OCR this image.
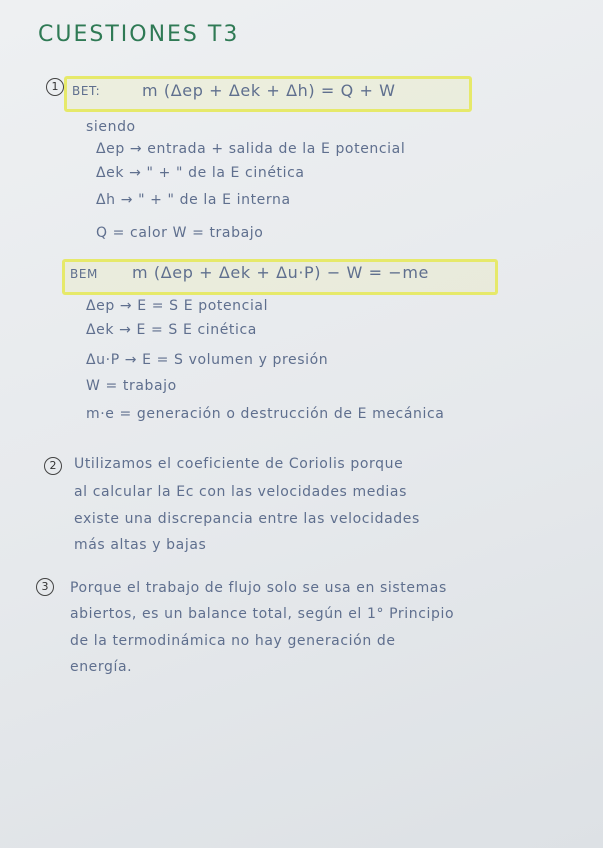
CUESTIONES T3
1	BET:	m (Δep + Δek + Δh) = Q + W
siendo
Δep → entrada + salida de la E potencial
Δek → " + " de la E cinética
Δh → " + " de la E interna
Q = calor W = trabajo
BEM m (Δep + Δek + Δu·P) − W = −me
Δep → E = S E potencial
Δek → E = S E cinética
Δu·P → E = S volumen y presión
W = trabajo
m·e = generación o destrucción de E mecánica
2	Utilizamos el coeficiente de Coriolis porque
al calcular la Ec con las velocidades medias
existe una discrepancia entre las velocidades
más altas y bajas
3	Porque el trabajo de flujo solo se usa en sistemas
abiertos, es un balance total, según el 1° Principio
de la termodinámica no hay generación de
energía.
